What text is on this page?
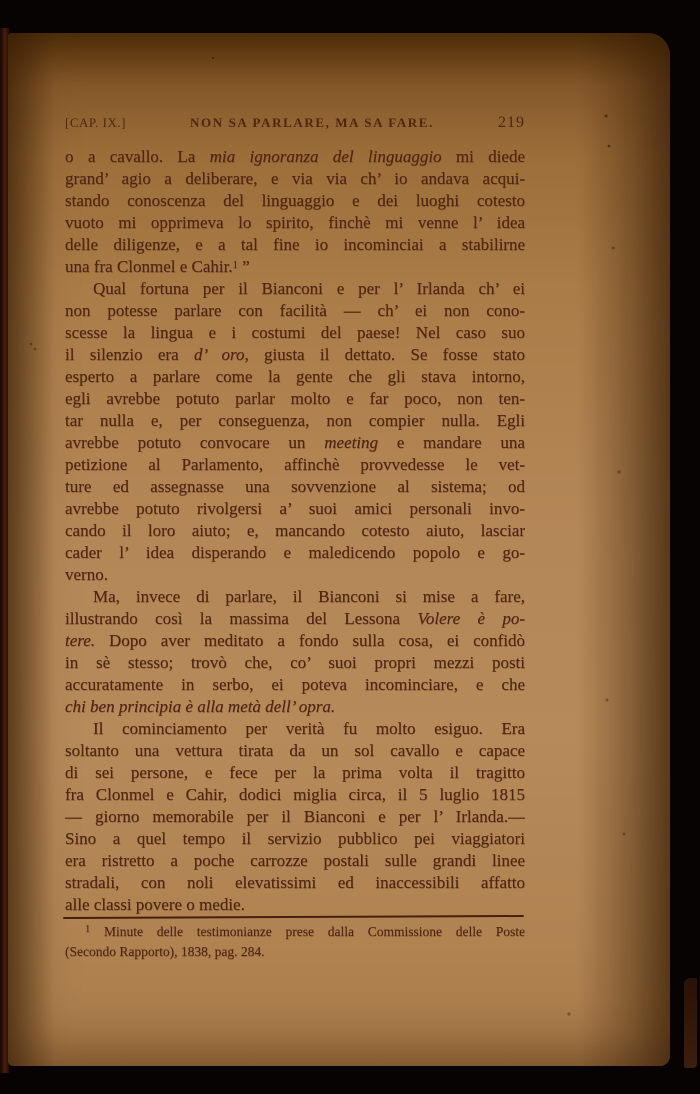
[CAP. IX.]	NON SA PARLARE, MA SA FARE.	219
o a cavallo. La mia ignoranza del linguaggio mi diede
grand’ agio a deliberare, e via via ch’ io andava acqui-
stando conoscenza del linguaggio e dei luoghi cotesto
vuoto mi opprimeva lo spirito, finchè mi venne l’ idea
delle diligenze, e a tal fine io incominciai a stabilirne
una fra Clonmel e Cahir.$^1$ ”
Qual fortuna per il Bianconi e per l’ Irlanda ch’ ei
non potesse parlare con facilità — ch’ ei non cono-
scesse la lingua e i costumi del paese! Nel caso suo
il silenzio era d’ oro, giusta il dettato. Se fosse stato
esperto a parlare come la gente che gli stava intorno,
egli avrebbe potuto parlar molto e far poco, non ten-
tar nulla e, per conseguenza, non compier nulla. Egli
avrebbe potuto convocare un meeting e mandare una
petizione al Parlamento, affinchè provvedesse le vet-
ture ed assegnasse una sovvenzione al sistema; od
avrebbe potuto rivolgersi a’ suoi amici personali invo-
cando il loro aiuto; e, mancando cotesto aiuto, lasciar
cader l’ idea disperando e maledicendo popolo e go-
verno.
Ma, invece di parlare, il Bianconi si mise a fare,
illustrando così la massima del Lessona Volere è po-
tere. Dopo aver meditato a fondo sulla cosa, ei confidò
in sè stesso; trovò che, co’ suoi propri mezzi posti
accuratamente in serbo, ei poteva incominciare, e che
chi ben principia è alla metà dell’ opra.
Il cominciamento per verità fu molto esiguo. Era
soltanto una vettura tirata da un sol cavallo e capace
di sei persone, e fece per la prima volta il tragitto
fra Clonmel e Cahir, dodici miglia circa, il 5 luglio 1815
— giorno memorabile per il Bianconi e per l’ Irlanda.—
Sino a quel tempo il servizio pubblico pei viaggiatori
era ristretto a poche carrozze postali sulle grandi linee
stradali, con noli elevatissimi ed inaccessibili affatto
alle classi povere o medie.
$^1$ Minute delle testimonianze prese dalla Commissione delle Poste
(Secondo Rapporto), 1838, pag. 284.
